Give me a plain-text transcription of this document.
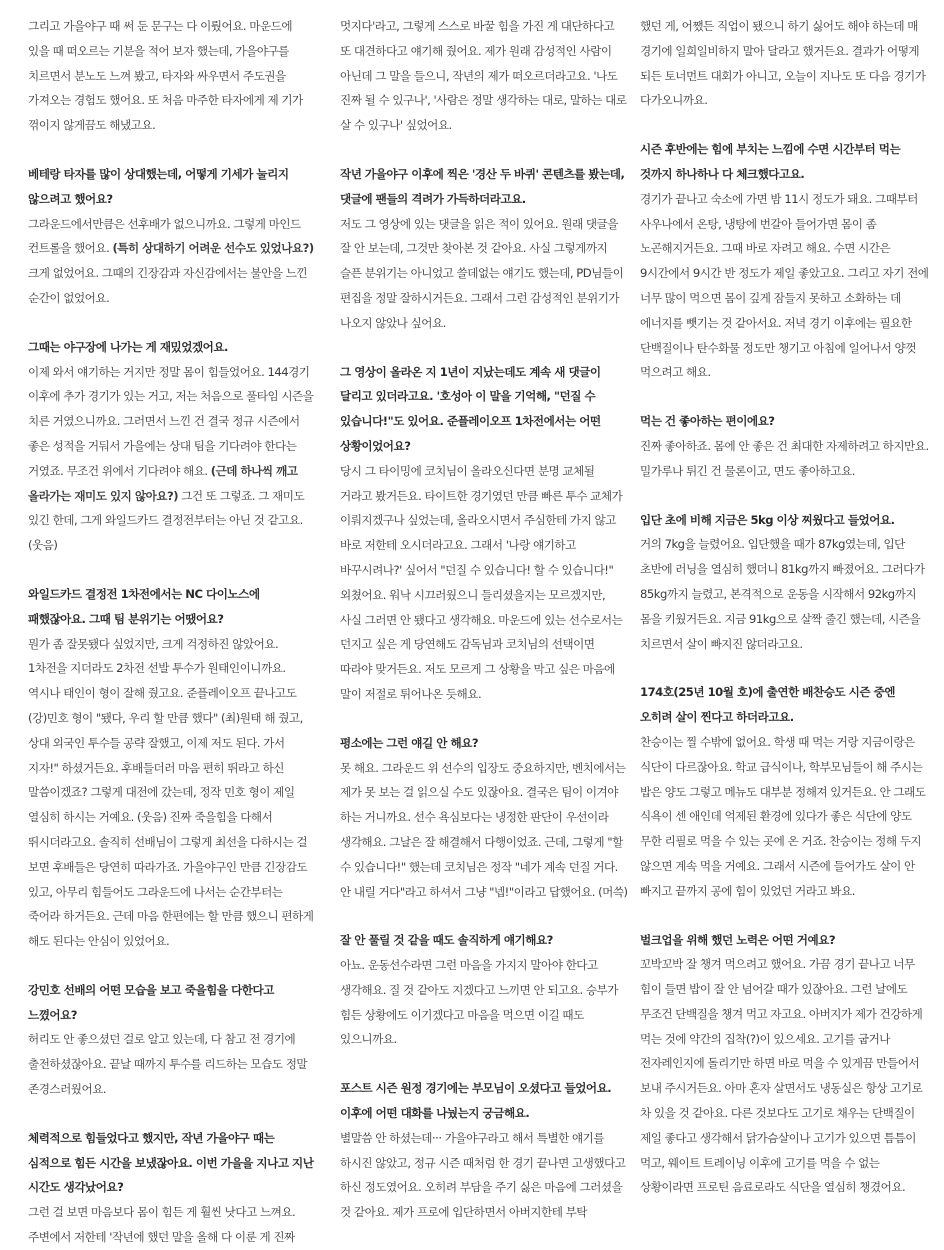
그리고 가을야구 때 써 둔 문구는 다 이뤘어요. 마운드에 있을 때 떠오르는 기분을 적어 보자 했는데, 가을야구를 치르면서 분노도 느껴 봤고, 타자와 싸우면서 주도권을 가져오는 경험도 했어요. 또 처음 마주한 타자에게 제 기가 꺾이지 않게끔도 해냈고요.

베테랑 타자를 많이 상대했는데, 어떻게 기세가 눌리지 않으려고 했어요?

그라운드에서만큼은 선후배가 없으니까요. 그렇게 마인드 컨트롤을 했어요. (특히 상대하기 어려운 선수도 있었나요?) 크게 없었어요. 그때의 긴장감과 자신감에서는 불안을 느낀 순간이 없었어요.

그때는 야구장에 나가는 게 재밌었겠어요.

이제 와서 얘기하는 거지만 정말 몸이 힘들었어요. 144경기 이후에 추가 경기가 있는 거고, 저는 처음으로 풀타임 시즌을 치른 거였으니까요. 그러면서 느낀 건 결국 정규 시즌에서 좋은 성적을 거둬서 가을에는 상대 팀을 기다려야 한다는 거였죠. 무조건 위에서 기다려야 해요. (근데 하나씩 깨고 올라가는 재미도 있지 않아요?) 그건 또 그렇죠. 그 재미도 있긴 한데, 그게 와일드카드 결정전부터는 아닌 것 같고요. (웃음)

와일드카드 결정전 1차전에서는 NC 다이노스에 패했잖아요. 그때 팀 분위기는 어땠어요?

뭔가 좀 잘못됐다 싶었지만, 크게 걱정하진 않았어요. 1차전을 지더라도 2차전 선발 투수가 원태인이니까요. 역시나 태인이 형이 잘해 줬고요. 준플레이오프 끝나고도 (강)민호 형이 "됐다, 우리 할 만큼 했다" (최)원태 해 줬고, 상대 외국인 투수들 공략 잘했고, 이제 저도 된다. 가서 지자!" 하셨거든요. 후배들더러 마음 편히 뛰라고 하신 말씀이겠죠? 그렇게 대전에 갔는데, 정작 민호 형이 제일 열심히 하시는 거예요. (웃음) 진짜 죽을힘을 다해서 뛰시더라고요. 솔직히 선배님이 그렇게 최선을 다하시는 걸 보면 후배들은 당연히 따라가죠. 가을야구인 만큼 긴장감도 있고, 아무리 힘들어도 그라운드에 나서는 순간부터는 죽어라 하거든요. 근데 마음 한편에는 할 만큼 했으니 편하게 해도 된다는 안심이 있었어요.

강민호 선배의 어떤 모습을 보고 죽을힘을 다한다고 느꼈어요?

허리도 안 좋으셨던 걸로 알고 있는데, 다 참고 전 경기에 출전하셨잖아요. 끝날 때까지 투수를 리드하는 모습도 정말 존경스러웠어요.

체력적으로 힘들었다고 했지만, 작년 가을야구 때는 심적으로 힘든 시간을 보냈잖아요. 이번 가을을 지나고 지난 시간도 생각났어요?

그런 걸 보면 마음보다 몸이 힘든 게 훨씬 낫다고 느껴요. 주변에서 저한테 '작년에 했던 말을 올해 다 이룬 게 진짜

멋지다'라고, 그렇게 스스로 바꿀 힘을 가진 게 대단하다고 또 대견하다고 얘기해 줬어요. 제가 원래 감성적인 사람이 아닌데 그 말을 들으니, 작년의 제가 떠오르더라고요. '나도 진짜 될 수 있구나', '사람은 정말 생각하는 대로, 말하는 대로 살 수 있구나' 싶었어요.

작년 가을야구 이후에 찍은 '경산 두 바퀴' 콘텐츠를 봤는데, 댓글에 팬들의 격려가 가득하더라고요.

저도 그 영상에 있는 댓글을 읽은 적이 있어요. 원래 댓글을 잘 안 보는데, 그것만 찾아본 것 같아요. 사실 그렇게까지 슬픈 분위기는 아니었고 쓸데없는 얘기도 했는데, PD님들이 편집을 정말 잘하시거든요. 그래서 그런 감성적인 분위기가 나오지 않았나 싶어요.

그 영상이 올라온 지 1년이 지났는데도 계속 새 댓글이 달리고 있더라고요. '호성아 이 말을 기억해, "던질 수 있습니다!"도 있어요. 준플레이오프 1차전에서는 어떤 상황이었어요?

당시 그 타이밍에 코치님이 올라오신다면 분명 교체될 거라고 봤거든요. 타이트한 경기였던 만큼 빠른 투수 교체가 이뤄지겠구나 싶었는데, 올라오시면서 주심한테 가지 않고 바로 저한테 오시더라고요. 그래서 '나랑 얘기하고 바꾸시려나?' 싶어서 "던질 수 있습니다! 할 수 있습니다!" 외쳤어요. 워낙 시끄러웠으니 들리셨을지는 모르겠지만, 사실 그러면 안 됐다고 생각해요. 마운드에 있는 선수로서는 던지고 싶은 게 당연해도 감독님과 코치님의 선택이면 따라야 맞거든요. 저도 모르게 그 상황을 막고 싶은 마음에 말이 저절로 튀어나온 듯해요.

평소에는 그런 얘길 안 해요?

못 해요. 그라운드 위 선수의 입장도 중요하지만, 벤치에서는 제가 못 보는 걸 읽으실 수도 있잖아요. 결국은 팀이 이겨야 하는 거니까요. 선수 욕심보다는 냉정한 판단이 우선이라 생각해요. 그날은 잘 해결해서 다행이었죠. 근데, 그렇게 "할 수 있습니다!" 했는데 코치님은 정작 "네가 계속 던질 거다. 안 내릴 거다"라고 하셔서 그냥 "넵!"이라고 답했어요. (머쓱)

잘 안 풀릴 것 같을 때도 솔직하게 얘기해요?

아뇨. 운동선수라면 그런 마음을 가지지 말아야 한다고 생각해요. 질 것 같아도 지겠다고 느끼면 안 되고요. 승부가 힘든 상황에도 이기겠다고 마음을 먹으면 이길 때도 있으니까요.

포스트 시즌 원정 경기에는 부모님이 오셨다고 들었어요. 이후에 어떤 대화를 나눴는지 궁금해요.

별말씀 안 하셨는데··· 가을야구라고 해서 특별한 얘기를 하시진 않았고, 정규 시즌 때처럼 한 경기 끝나면 고생했다고 하신 정도였어요. 오히려 부담을 주기 싫은 마음에 그러셨을 것 같아요. 제가 프로에 입단하면서 아버지한테 부탁

했던 게, 어쨌든 직업이 됐으니 하기 싫어도 해야 하는데 매 경기에 일희일비하지 말아 달라고 했거든요. 결과가 어떻게 되든 토너먼트 대회가 아니고, 오늘이 지나도 또 다음 경기가 다가오니까요.

시즌 후반에는 힘에 부치는 느낌에 수면 시간부터 먹는 것까지 하나하나 다 체크했다고요.

경기가 끝나고 숙소에 가면 밤 11시 정도가 돼요. 그때부터 사우나에서 온탕, 냉탕에 번갈아 들어가면 몸이 좀 노곤해지거든요. 그때 바로 자려고 해요. 수면 시간은 9시간에서 9시간 반 정도가 제일 좋았고요. 그리고 자기 전에 너무 많이 먹으면 몸이 깊게 잠들지 못하고 소화하는 데 에너지를 뺏기는 것 같아서요. 저녁 경기 이후에는 필요한 단백질이나 탄수화물 정도만 챙기고 아침에 일어나서 양껏 먹으려고 해요.

먹는 건 좋아하는 편이에요?

진짜 좋아하죠. 몸에 안 좋은 건 최대한 자제하려고 하지만요. 밀가루나 튀긴 건 물론이고, 면도 좋아하고요.

입단 초에 비해 지금은 5kg 이상 찌웠다고 들었어요.

거의 7kg을 늘렸어요. 입단했을 때가 87kg였는데, 입단 초반에 러닝을 열심히 했더니 81kg까지 빠졌어요. 그러다가 85kg까지 늘렸고, 본격적으로 운동을 시작해서 92kg까지 몸을 키웠거든요. 지금 91kg으로 살짝 줄긴 했는데, 시즌을 치르면서 살이 빠지진 않더라고요.

174호(25년 10월 호)에 출연한 배찬승도 시즌 중엔 오히려 살이 찐다고 하더라고요.

찬승이는 찔 수밖에 없어요. 학생 때 먹는 거랑 지금이랑은 식단이 다르잖아요. 학교 급식이나, 학부모님들이 해 주시는 밥은 양도 그렇고 메뉴도 대부분 정해져 있거든요. 안 그래도 식욕이 센 애인데 억제된 환경에 있다가 좋은 식단에 양도 무한 리필로 먹을 수 있는 곳에 온 거죠. 찬승이는 정해 두지 않으면 계속 먹을 거예요. 그래서 시즌에 들어가도 살이 안 빠지고 끝까지 공에 힘이 있었던 거라고 봐요.

벌크업을 위해 했던 노력은 어떤 거예요?

꼬박꼬박 잘 챙겨 먹으려고 했어요. 가끔 경기 끝나고 너무 힘이 들면 밥이 잘 안 넘어갈 때가 있잖아요. 그런 날에도 무조건 단백질을 챙겨 먹고 자고요. 아버지가 제가 건강하게 먹는 것에 약간의 집착(?)이 있으세요. 고기를 굽거나 전자레인지에 돌리기만 하면 바로 먹을 수 있게끔 만들어서 보내 주시거든요. 아마 혼자 살면서도 냉동실은 항상 고기로 차 있을 것 같아요. 다른 것보다도 고기로 채우는 단백질이 제일 좋다고 생각해서 닭가슴살이나 고기가 있으면 틈틈이 먹고, 웨이트 트레이닝 이후에 고기를 먹을 수 없는 상황이라면 프로틴 음료로라도 식단을 열심히 챙겼어요.
